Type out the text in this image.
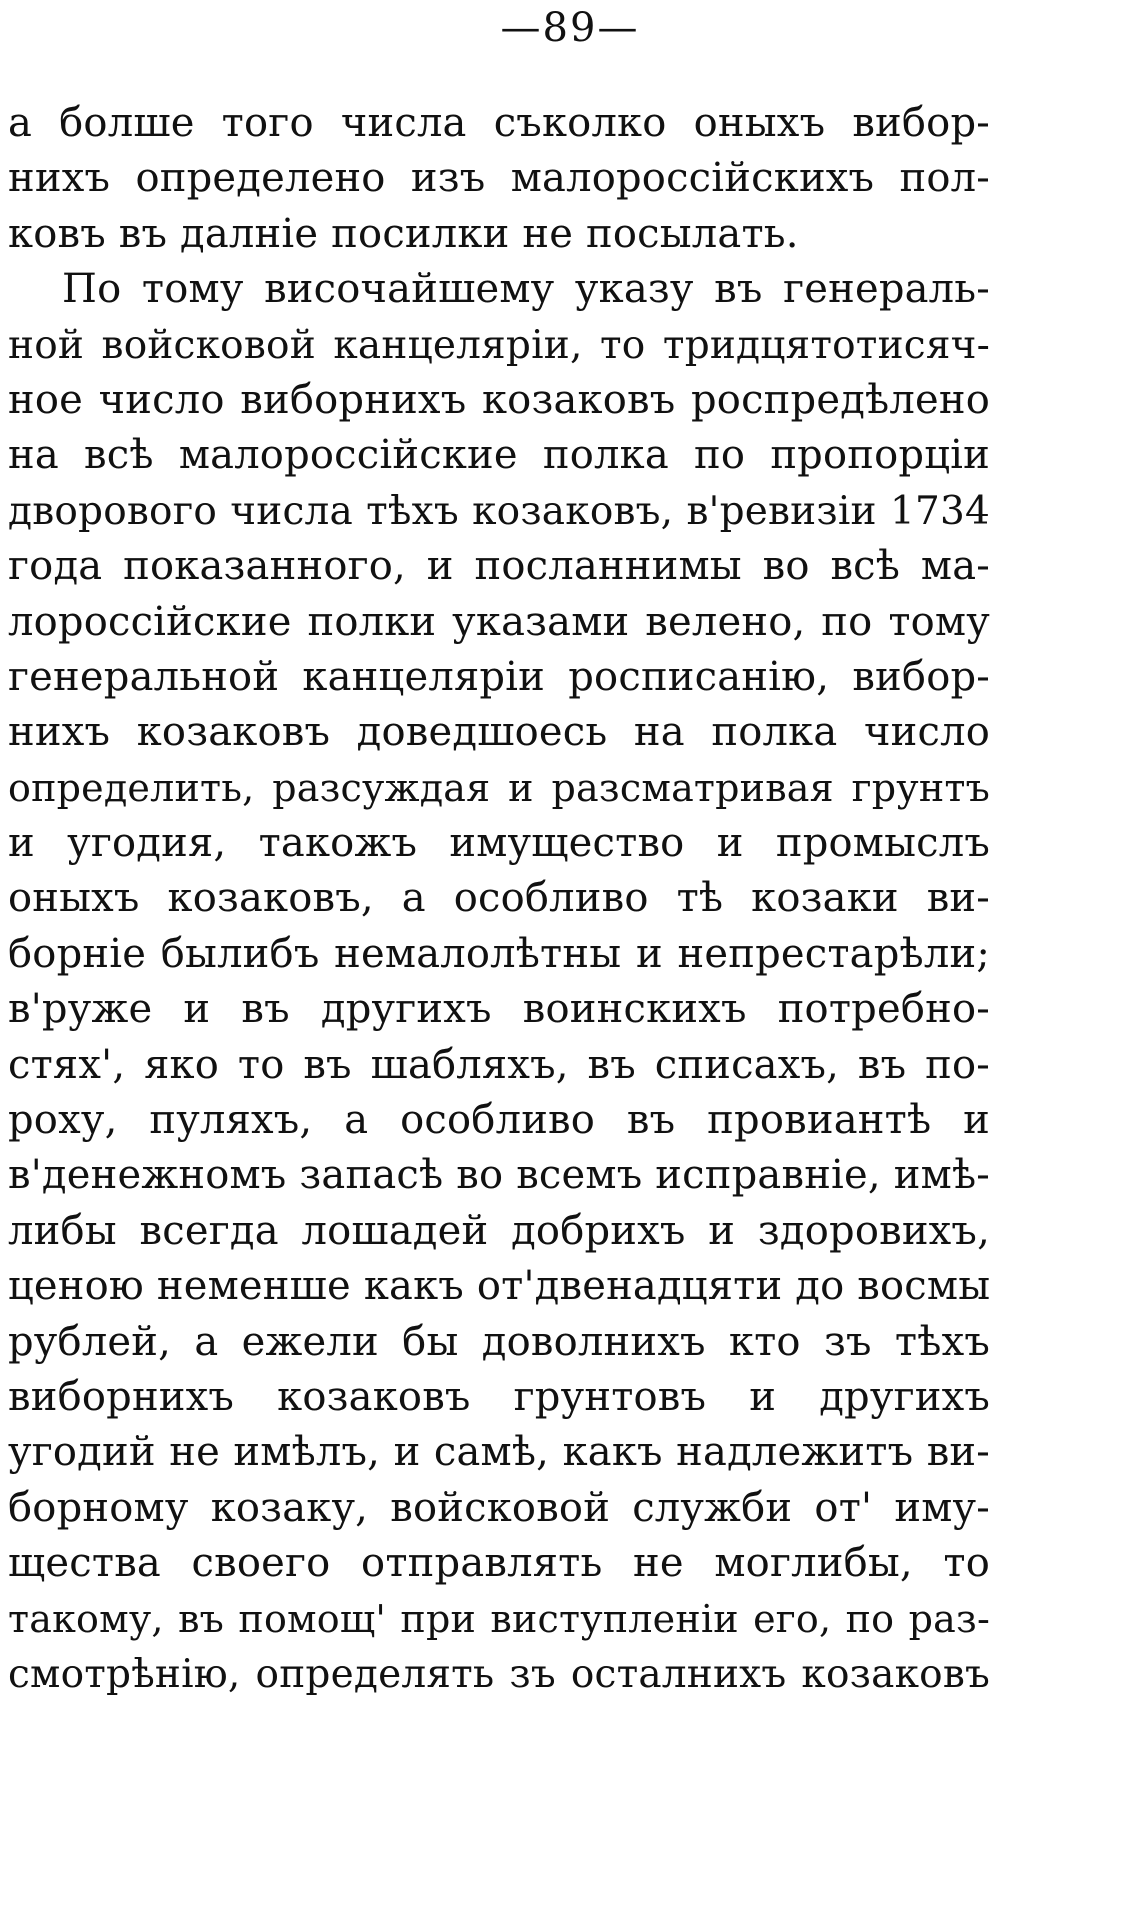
—89—
а болше того числа съколко оныхъ вибор-
нихъ определено изъ малороссійскихъ пол-
ковъ въ далніе посилки не посылать.
По тому височайшему указу въ генераль-
ной войсковой канцеляріи, то тридцятотисяч-
ное число виборнихъ козаковъ роспредѣлено
на всѣ малороссійские полка по пропорціи
дворового числа тѣхъ козаковъ, в'ревизіи 1734
года показанного, и посланнимы во всѣ ма-
лороссійские полки указами велено, по тому
генеральной канцеляріи росписанію, вибор-
нихъ козаковъ доведшоесь на полка число
определить, разсуждая и разсматривая грунтъ
и угодия, такожъ имущество и промыслъ
оныхъ козаковъ, а особливо тѣ козаки ви-
борніе былибъ немалолѣтны и непрестарѣли;
в'руже и въ другихъ воинскихъ потребно-
стях', яко то въ шабляхъ, въ списахъ, въ по-
роху, пуляхъ, а особливо въ провиантѣ и
в'денежномъ запасѣ во всемъ исправніе, имѣ-
либы всегда лошадей добрихъ и здоровихъ,
ценою неменше какъ от'двенадцяти до восмы
рублей, а ежели бы доволнихъ кто зъ тѣхъ
виборнихъ козаковъ грунтовъ и другихъ
угодий не имѣлъ, и самѣ, какъ надлежитъ ви-
борному козаку, войсковой служби от' иму-
щества своего отправлять не моглибы, то
такому, въ помощ' при виступленіи его, по раз-
смотрѣнію, определять зъ осталнихъ козаковъ
